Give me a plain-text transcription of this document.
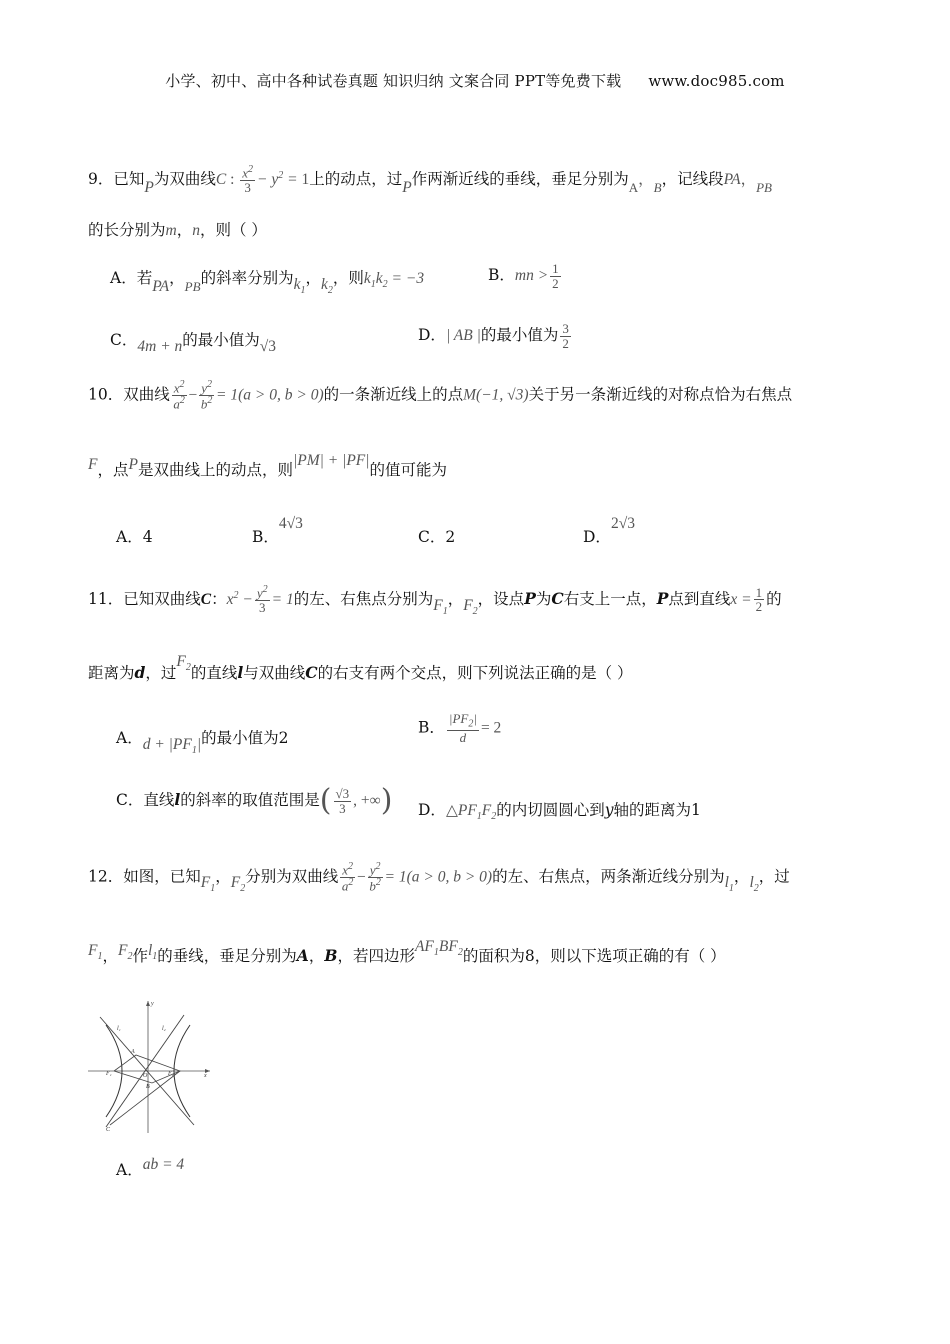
小学、初中、高中各种试卷真题 知识归纳 文案合同 PPT等免费下载 www.doc985.com
9．已知P为双曲线C : $\frac{x^2}{3} - y^2 = 1$上的动点，过P作两渐近线的垂线，垂足分别为$_A$，$_B$，记线段PA，$_{PB}$
的长分别为m，n，则（ ）
A．若PA，$_{PB}$的斜率分别为$k_1$，$k_2$，则$k_1k_2 = -3$	B．mn > $\frac{1}{2}$
C．4m + n的最小值为√3
D．| AB |的最小值为 $\frac{3}{2}$
10．双曲线 $\frac{x^2}{a^2} - \frac{y^2}{b^2} = 1(a > 0$, b > 0)的一条渐近线上的点M(−1, √3)关于另一条渐近线的对称点恰为右焦点
F，点P是双曲线上的动点，则|PM| + |PF|的值可能为
A．4	B．4√3
C．2	D．2√3
11．已知双曲线C：$x^2 - \frac{y^2}{3} = 1$的左、右焦点分别为$F_1$，$F_2$，设点P为C右支上一点，P点到直线$x = \frac{1}{2}$ 的
距离为d，过$F_2$的直线l与双曲线C的右支有两个交点，则下列说法正确的是（ ）
A．$d + |PF_1|$的最小值为2
B． $\frac{|PF_2|}{d} = 2$
C．直线l的斜率的取值范围是( $\frac{√3}{3}$ , +∞) D．$\triangle PF_1F_2$的内切圆圆心到y轴的距离为1
12．如图，已知$F_1$，$F_2$分别为双曲线 $\frac{x^2}{a^2} - \frac{y^2}{b^2} = 1(a > 0$, b > 0)的左、右焦点，两条渐近线分别为$l_1$，$l_2$，过
$F_1$，$F_2$作$l_1$的垂线，垂足分别为A，B，若四边形$AF_1BF_2$的面积为8，则以下选项正确的有（ ）
y
l₁	l₂
A
F₁	O	F₂	x
B
C
A．ab = 4
